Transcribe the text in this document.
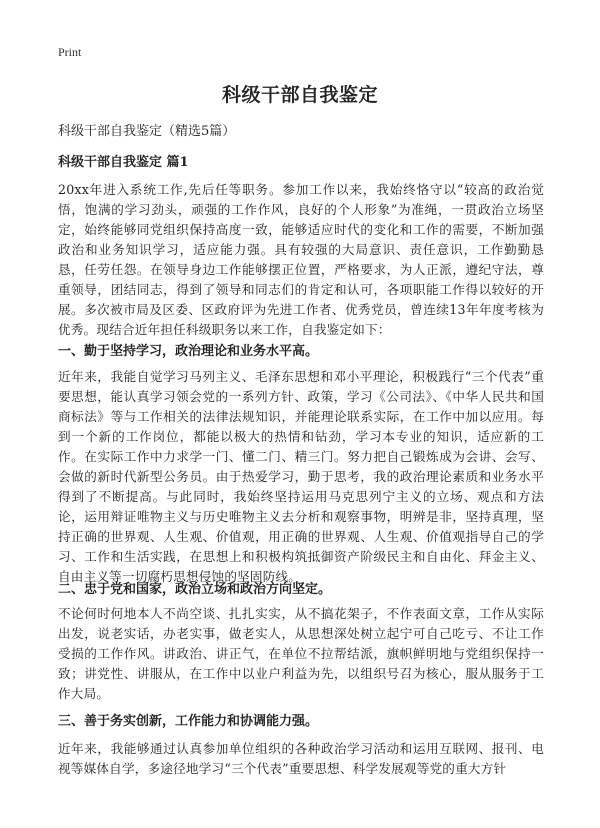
Print
科级干部自我鉴定
科级干部自我鉴定（精选5篇）
科级干部自我鉴定 篇1
20xx年进入系统工作,先后任等职务。参加工作以来，我始终恪守以“较高的政治觉悟，饱满的学习劲头，顽强的工作作风，良好的个人形象”为准绳，一贯政治立场坚定，始终能够同党组织保持高度一致，能够适应时代的变化和工作的需要，不断加强政治和业务知识学习，适应能力强。具有较强的大局意识、责任意识，工作勤勤恳恳，任劳任怨。在领导身边工作能够摆正位置，严格要求，为人正派，遵纪守法，尊重领导，团结同志，得到了领导和同志们的肯定和认可，各项职能工作得以较好的开展。多次被市局及区委、区政府评为先进工作者、优秀党员，曾连续13年年度考核为优秀。现结合近年担任科级职务以来工作，自我鉴定如下：
一、勤于坚持学习，政治理论和业务水平高。
近年来，我能自觉学习马列主义、毛泽东思想和邓小平理论，积极践行“三个代表”重要思想，能认真学习领会党的一系列方针、政策，学习《公司法》、《中华人民共和国商标法》等与工作相关的法律法规知识，并能理论联系实际，在工作中加以应用。每到一个新的工作岗位，都能以极大的热情和钻劲，学习本专业的知识，适应新的工作。在实际工作中力求学一门、懂二门、精三门。努力把自己锻炼成为会讲、会写、会做的新时代新型公务员。由于热爱学习，勤于思考，我的政治理论素质和业务水平得到了不断提高。与此同时，我始终坚持运用马克思列宁主义的立场、观点和方法论，运用辩证唯物主义与历史唯物主义去分析和观察事物，明辨是非，坚持真理，坚持正确的世界观、人生观、价值观，用正确的世界观、人生观、价值观指导自己的学习、工作和生活实践，在思想上和积极构筑抵御资产阶级民主和自由化、拜金主义、自由主义等一切腐朽思想侵蚀的坚固防线。
二、忠于党和国家，政治立场和政治方向坚定。
不论何时何地本人不尚空谈、扎扎实实，从不搞花架子，不作表面文章，工作从实际出发，说老实话，办老实事，做老实人，从思想深处树立起宁可自己吃亏、不让工作受损的工作作风。讲政治、讲正气，在单位不拉帮结派，旗帜鲜明地与党组织保持一致；讲党性、讲服从，在工作中以业户利益为先，以组织号召为核心，服从服务于工作大局。
三、善于务实创新，工作能力和协调能力强。
近年来，我能够通过认真参加单位组织的各种政治学习活动和运用互联网、报刊、电视等媒体自学，多途径地学习“三个代表”重要思想、科学发展观等党的重大方针
